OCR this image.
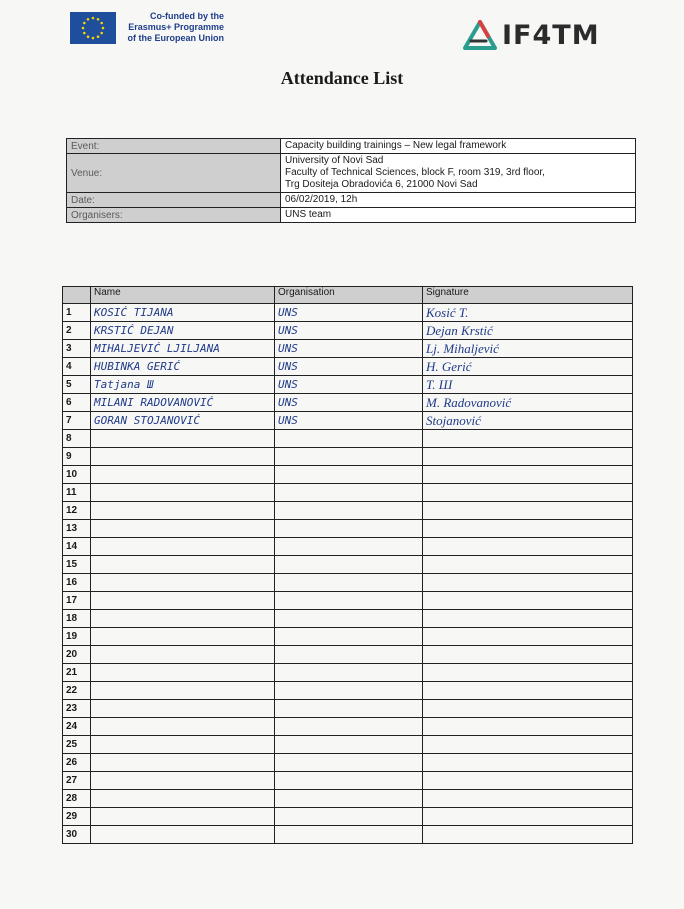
Co-funded by the
Erasmus+ Programme
of the European Union	IF4TM
Attendance List
Event:	Capacity building trainings – New legal framework
Venue:	University of Novi Sad
Faculty of Technical Sciences, block F, room 319, 3rd floor,
Trg Dositeja Obradovića 6, 21000 Novi Sad

Date:	06/02/2019, 12h
Organisers:	UNS team
	Name	Organisation	Signature
1	KOSIĆ TIJANA	UNS	Kosić T.
2	KRSTIĆ DEJAN	UNS	Dejan Krstić
3	MIHALJEVIĆ LJILJANA	UNS	Lj. Mihaljević
4	HUBINKA GERIĆ	UNS	H. Gerić
5	Tatjana Ш	UNS	T. Ш
6	MILANI RADOVANOVIĆ	UNS	M. Radovanović
7	GORAN STOJANOVIĆ	UNS	Stojanović
8			
9			
10			
11			
12			
13			
14			
15			
16			
17			
18			
19			
20			
21			
22			
23			
24			
25			
26			
27			
28			
29			
30			
